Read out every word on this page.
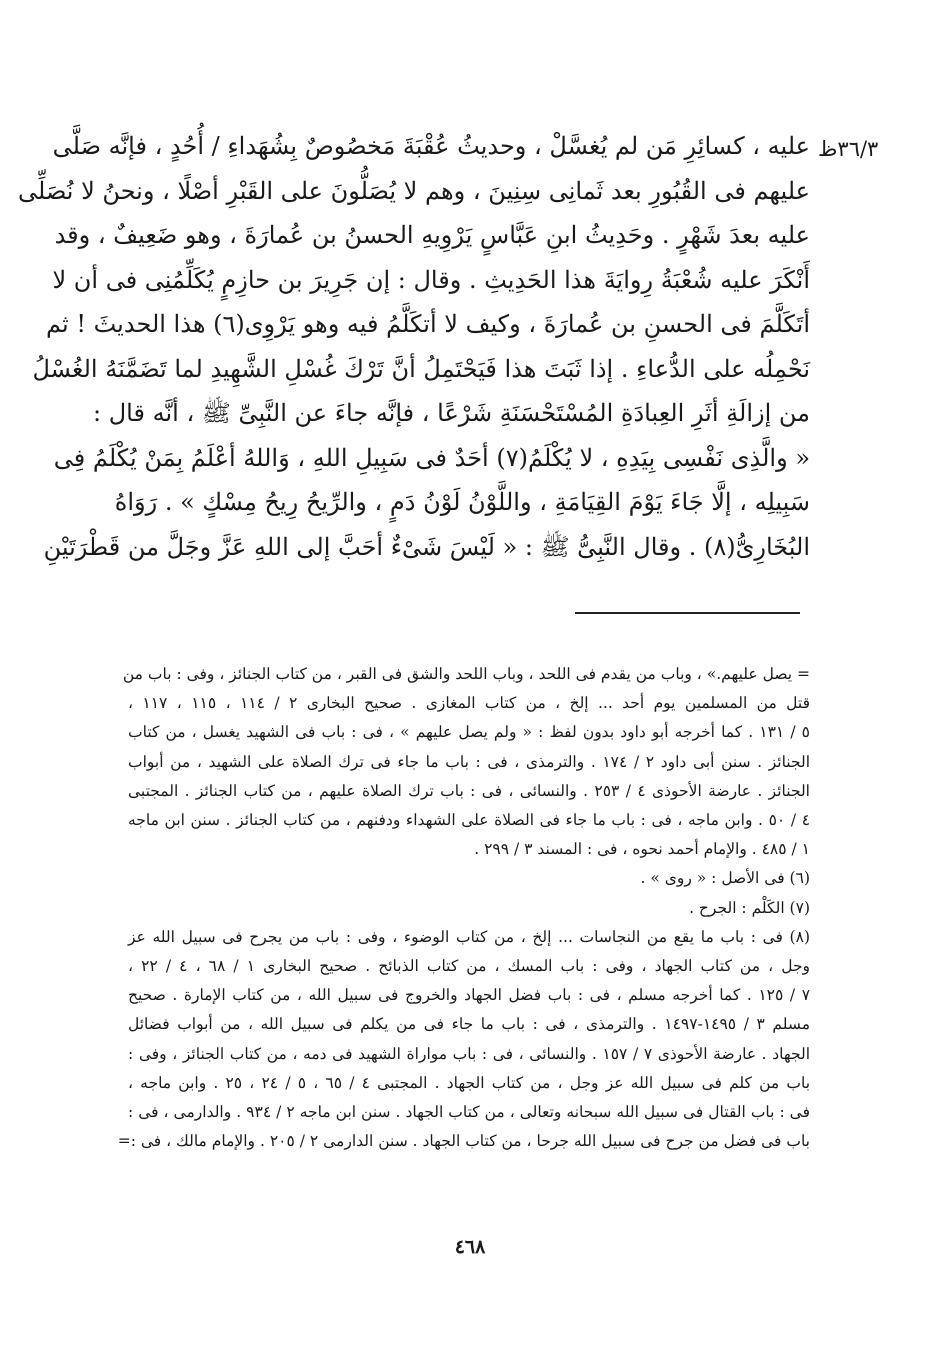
٣٦/٣ظ
عليه ، كسائِرِ مَن لم يُغسَّلْ ، وحديثُ عُقْبَةَ مَخصُوصٌ بِشُهَداءِ / أُحُدٍ ، فإنَّه صَلَّى
عليهم فى القُبُورِ بعد ثَمانِى سِنِينَ ، وهم لا يُصَلُّونَ على القَبْرِ أصْلًا ، ونحنُ لا نُصَلِّى
عليه بعدَ شَهْرٍ . وحَدِيثُ ابنِ عَبَّاسٍ يَرْوِيهِ الحسنُ بن عُمارَةَ ، وهو ضَعِيفٌ ، وقد
أَنْكَرَ عليه شُعْبَةُ رِوايَةَ هذا الحَدِيثِ . وقال : إن جَرِيرَ بن حازِمٍ يُكَلِّمُنِى فى أن لا
أتَكَلَّمَ فى الحسنِ بن عُمارَةَ ، وكيف لا أتكَلَّمُ فيه وهو يَرْوِى(٦) هذا الحديثَ ! ثم
نَحْمِلُه على الدُّعاءِ . إذا ثَبَتَ هذا فَيَحْتَمِلُ أنَّ تَرْكَ غُسْلِ الشَّهِيدِ لما تَضَمَّنَهُ الغُسْلُ
من إزالَةِ أثَرِ العِبادَةِ المُسْتَحْسَنَةِ شَرْعًا ، فإنَّه جاءَ عن النَّبِىِّ ﷺ ، أنَّه قال :
« والَّذِى نَفْسِى بِيَدِهِ ، لا يُكْلَمُ(٧) أحَدٌ فى سَبِيلِ اللهِ ، وَاللهُ أعْلَمُ بِمَنْ يُكْلَمُ فِى
سَبِيلِه ، إلَّا جَاءَ يَوْمَ القِيَامَةِ ، واللَّوْنُ لَوْنُ دَمٍ ، والرِّيحُ رِيحُ مِسْكٍ » . رَوَاهُ
البُخَارِىُّ(٨) . وقال النَّبِىُّ ﷺ : « لَيْسَ شَىْءٌ أحَبَّ إلى اللهِ عَزَّ وجَلَّ من قَطْرَتَيْنِ
= يصل عليهم.» ، وباب من يقدم فى اللحد ، وباب اللحد والشق فى القبر ، من كتاب الجنائز ، وفى : باب من
قتل من المسلمين يوم أحد ... إلخ ، من كتاب المغازى . صحيح البخارى ٢ / ١١٤ ، ١١٥ ، ١١٧ ،
٥ / ١٣١ . كما أخرجه أبو داود بدون لفظ : « ولم يصل عليهم » ، فى : باب فى الشهيد يغسل ، من كتاب
الجنائز . سنن أبى داود ٢ / ١٧٤ . والترمذى ، فى : باب ما جاء فى ترك الصلاة على الشهيد ، من أبواب
الجنائز . عارضة الأحوذى ٤ / ٢٥٣ . والنسائى ، فى : باب ترك الصلاة عليهم ، من كتاب الجنائز . المجتبى
٤ / ٥٠ . وابن ماجه ، فى : باب ما جاء فى الصلاة على الشهداء ودفنهم ، من كتاب الجنائز . سنن ابن ماجه
١ / ٤٨٥ . والإمام أحمد نحوه ، فى : المسند ٣ / ٢٩٩ .
(٦) فى الأصل : « روى » .
(٧) الكَلْم : الجرح .
(٨) فى : باب ما يقع من النجاسات ... إلخ ، من كتاب الوضوء ، وفى : باب من يجرح فى سبيل الله عز
وجل ، من كتاب الجهاد ، وفى : باب المسك ، من كتاب الذبائح . صحيح البخارى ١ / ٦٨ ، ٤ / ٢٢ ،
٧ / ١٢٥ . كما أخرجه مسلم ، فى : باب فضل الجهاد والخروج فى سبيل الله ، من كتاب الإمارة . صحيح
مسلم ٣ / ١٤٩٥-١٤٩٧ . والترمذى ، فى : باب ما جاء فى من يكلم فى سبيل الله ، من أبواب فضائل
الجهاد . عارضة الأحوذى ٧ / ١٥٧ . والنسائى ، فى : باب مواراة الشهيد فى دمه ، من كتاب الجنائز ، وفى :
باب من كلم فى سبيل الله عز وجل ، من كتاب الجهاد . المجتبى ٤ / ٦٥ ، ٥ / ٢٤ ، ٢٥ . وابن ماجه ،
فى : باب القتال فى سبيل الله سبحانه وتعالى ، من كتاب الجهاد . سنن ابن ماجه ٢ / ٩٣٤ . والدارمى ، فى :
باب فى فضل من جرح فى سبيل الله جرحا ، من كتاب الجهاد . سنن الدارمى ٢ / ٢٠٥ . والإمام مالك ، فى :=
٤٦٨
